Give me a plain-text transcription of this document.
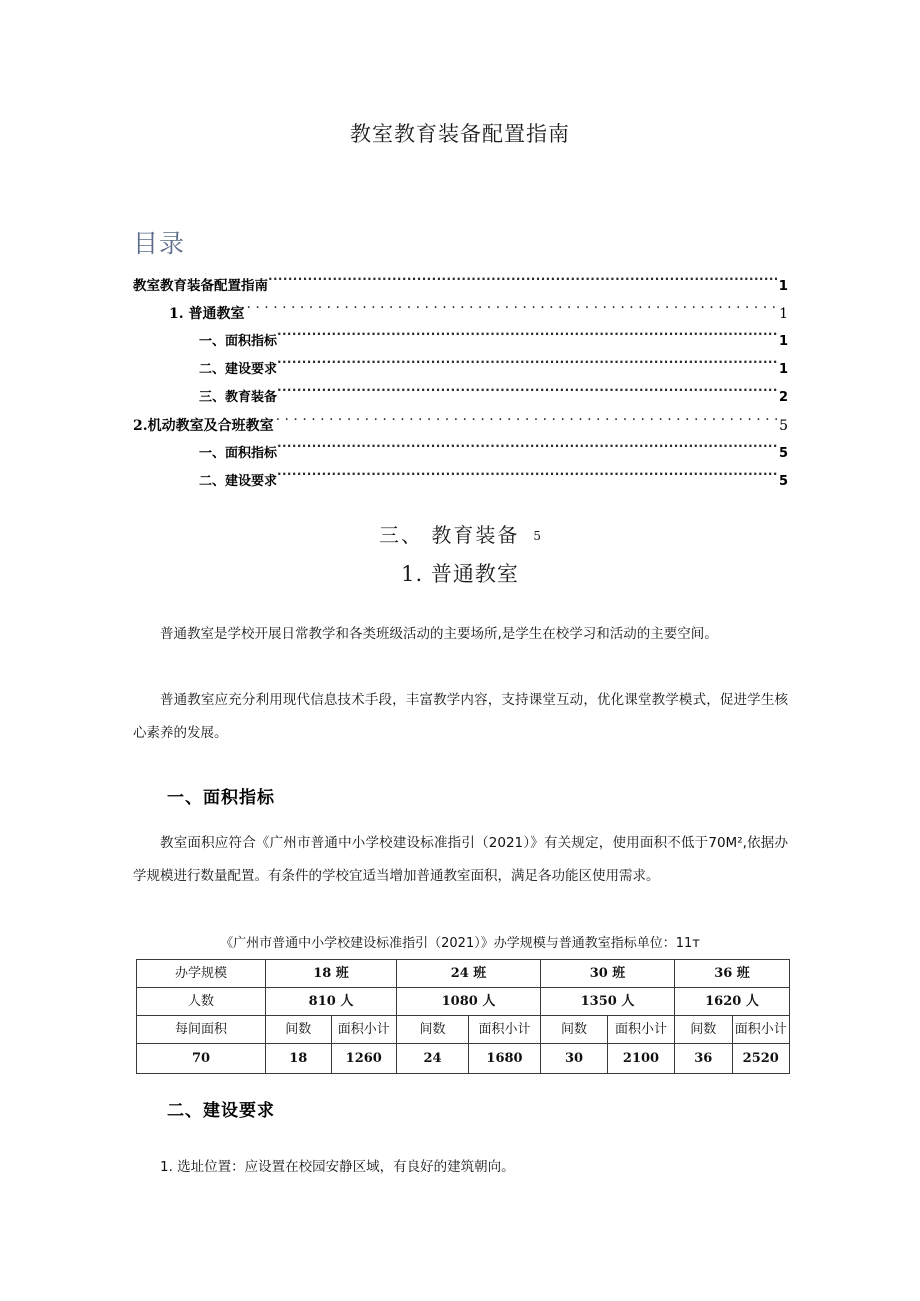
教室教育装备配置指南
目录
教室教育装备配置指南 .....	1
1. 普通教室 . . .	1
一、面积指标 .....	1
二、建设要求 .....	1
三、教育装备 .....	2
2.机动教室及合班教室 . . .	5
一、面积指标 .....	5
二、建设要求 .....	5
三、 教育装备 5
1. 普通教室
普通教室是学校开展日常教学和各类班级活动的主要场所,是学生在校学习和活动的主要空间。
普通教室应充分利用现代信息技术手段，丰富教学内容，支持课堂互动，优化课堂教学模式，促进学生核心素养的发展。
一、面积指标
教室面积应符合《广州市普通中小学校建设标准指引（2021）》有关规定，使用面积不低于70M²,依据办学规模进行数量配置。有条件的学校宜适当增加普通教室面积，满足各功能区使用需求。
《广州市普通中小学校建设标准指引（2021）》办学规模与普通教室指标单位：11ᴛ
办学规模	18 班		24 班		30 班		36 班	
人数	810 人		1080 人		1350 人		1620 人	
每间面积	间数	面积小计	间数	面积小计	间数	面积小计	间数	面积小计
70	18	1260	24	1680	30	2100	36	2520
二、建设要求
1. 选址位置：应设置在校园安静区域，有良好的建筑朝向。
